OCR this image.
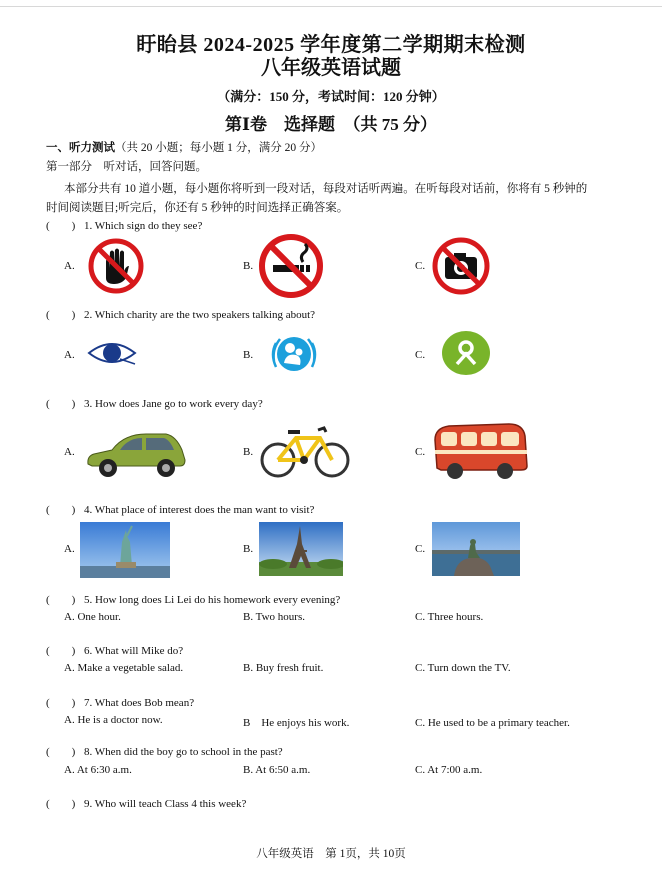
盱眙县 2024-2025 学年度第二学期期末检测
八年级英语试题
（满分：150 分，考试时间：120 分钟）
第Ⅰ卷　选择题　（共 75 分）
一、听力测试（共 20 小题；每小题 1 分，满分 20 分）
第一部分　听对话，回答问题。
本部分共有 10 道小题，每小题你将听到一段对话，每段对话听两遍。在听每段对话前，你将有 5 秒钟的
时间阅读题目;听完后，你还有 5 秒钟的时间选择正确答案。
(　　) 1. Which sign do they see?
A.	B.	C.
(　　) 2. Which charity are the two speakers talking about?
A.	B.	C.
(　　) 3. How does Jane go to work every day?
A.	B.	C.
(　　) 4. What place of interest does the man want to visit?
A.	B.	C.
(　　) 5. How long does Li Lei do his homework every evening?
A. One hour.	B. Two hours.	C. Three hours.
(　　) 6. What will Mike do?
A. Make a vegetable salad.	B. Buy fresh fruit.	C. Turn down the TV.
(　　) 7. What does Bob mean?
A. He is a doctor now.	B　He enjoys his work.	C. He used to be a primary teacher.
(　　) 8. When did the boy go to school in the past?
A. At 6:30 a.m.	B. At 6:50 a.m.	C. At 7:00 a.m.
(　　) 9. Who will teach Class 4 this week?
八年级英语　第 1页，共 10页
